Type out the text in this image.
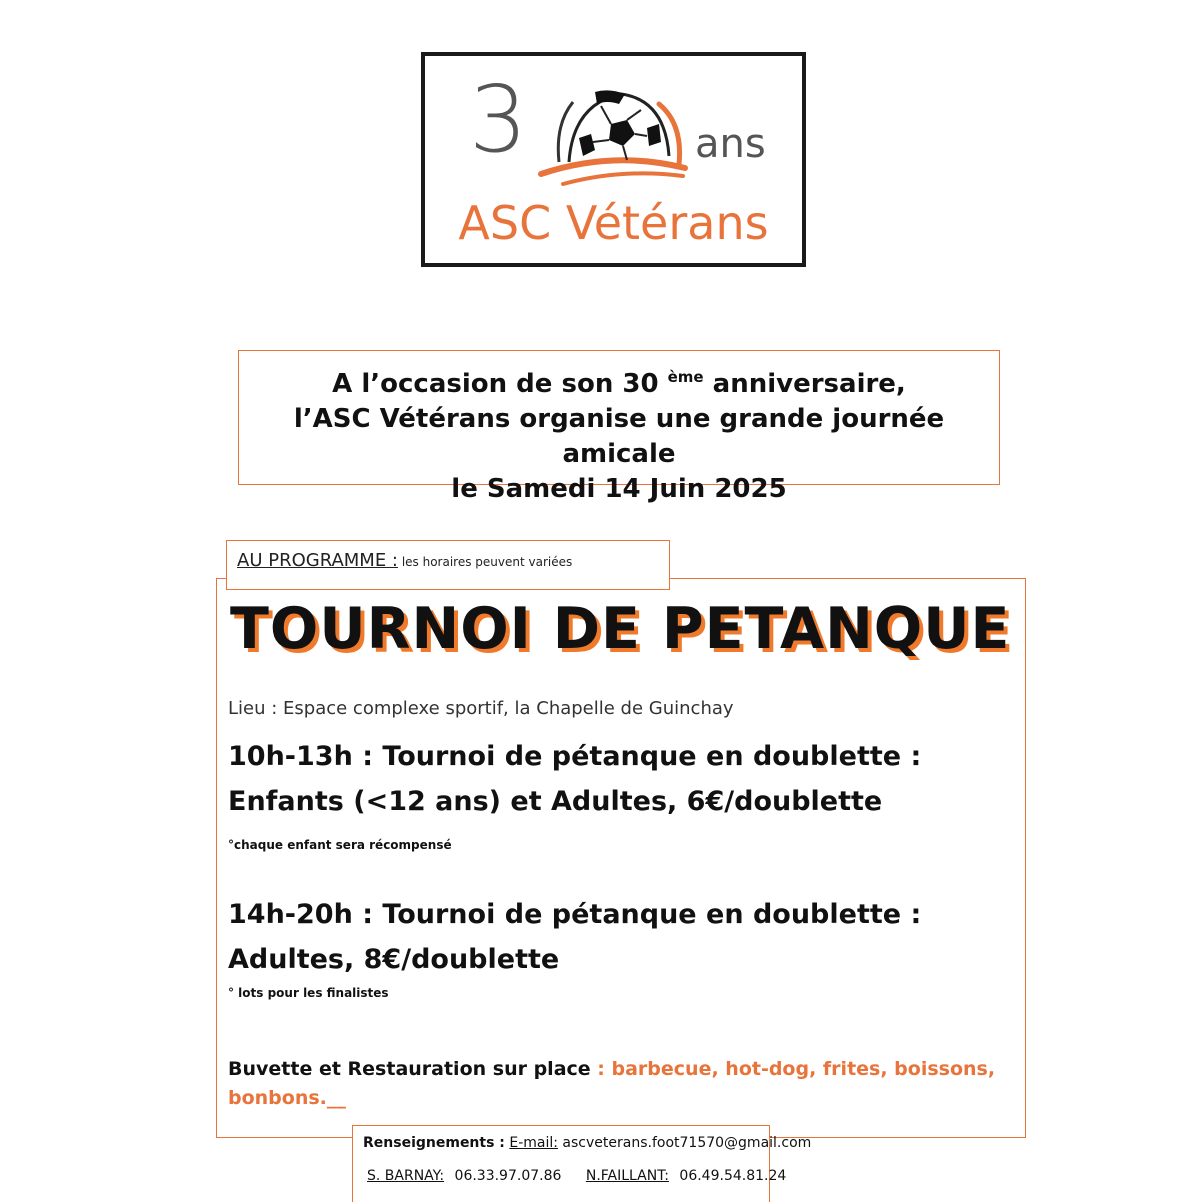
3	ans
ASC Vétérans
A l’occasion de son 30 $^{ème}$ anniversaire,
l’ASC Vétérans organise une grande journée amicale
le Samedi 14 Juin 2025
AU PROGRAMME : les horaires peuvent variées
TOURNOI DE PETANQUE
Lieu : Espace complexe sportif, la Chapelle de Guinchay
10h-13h : Tournoi de pétanque en doublette :
Enfants (<12 ans) et Adultes, 6€/doublette
°chaque enfant sera récompensé
14h-20h : Tournoi de pétanque en doublette :
Adultes, 8€/doublette
° lots pour les finalistes
Buvette et Restauration sur place : barbecue, hot-dog, frites, boissons, bonbons.__
Renseignements : E-mail: ascveterans.foot71570@gmail.com
S. BARNAY: 06.33.97.07.86 N.FAILLANT: 06.49.54.81.24
